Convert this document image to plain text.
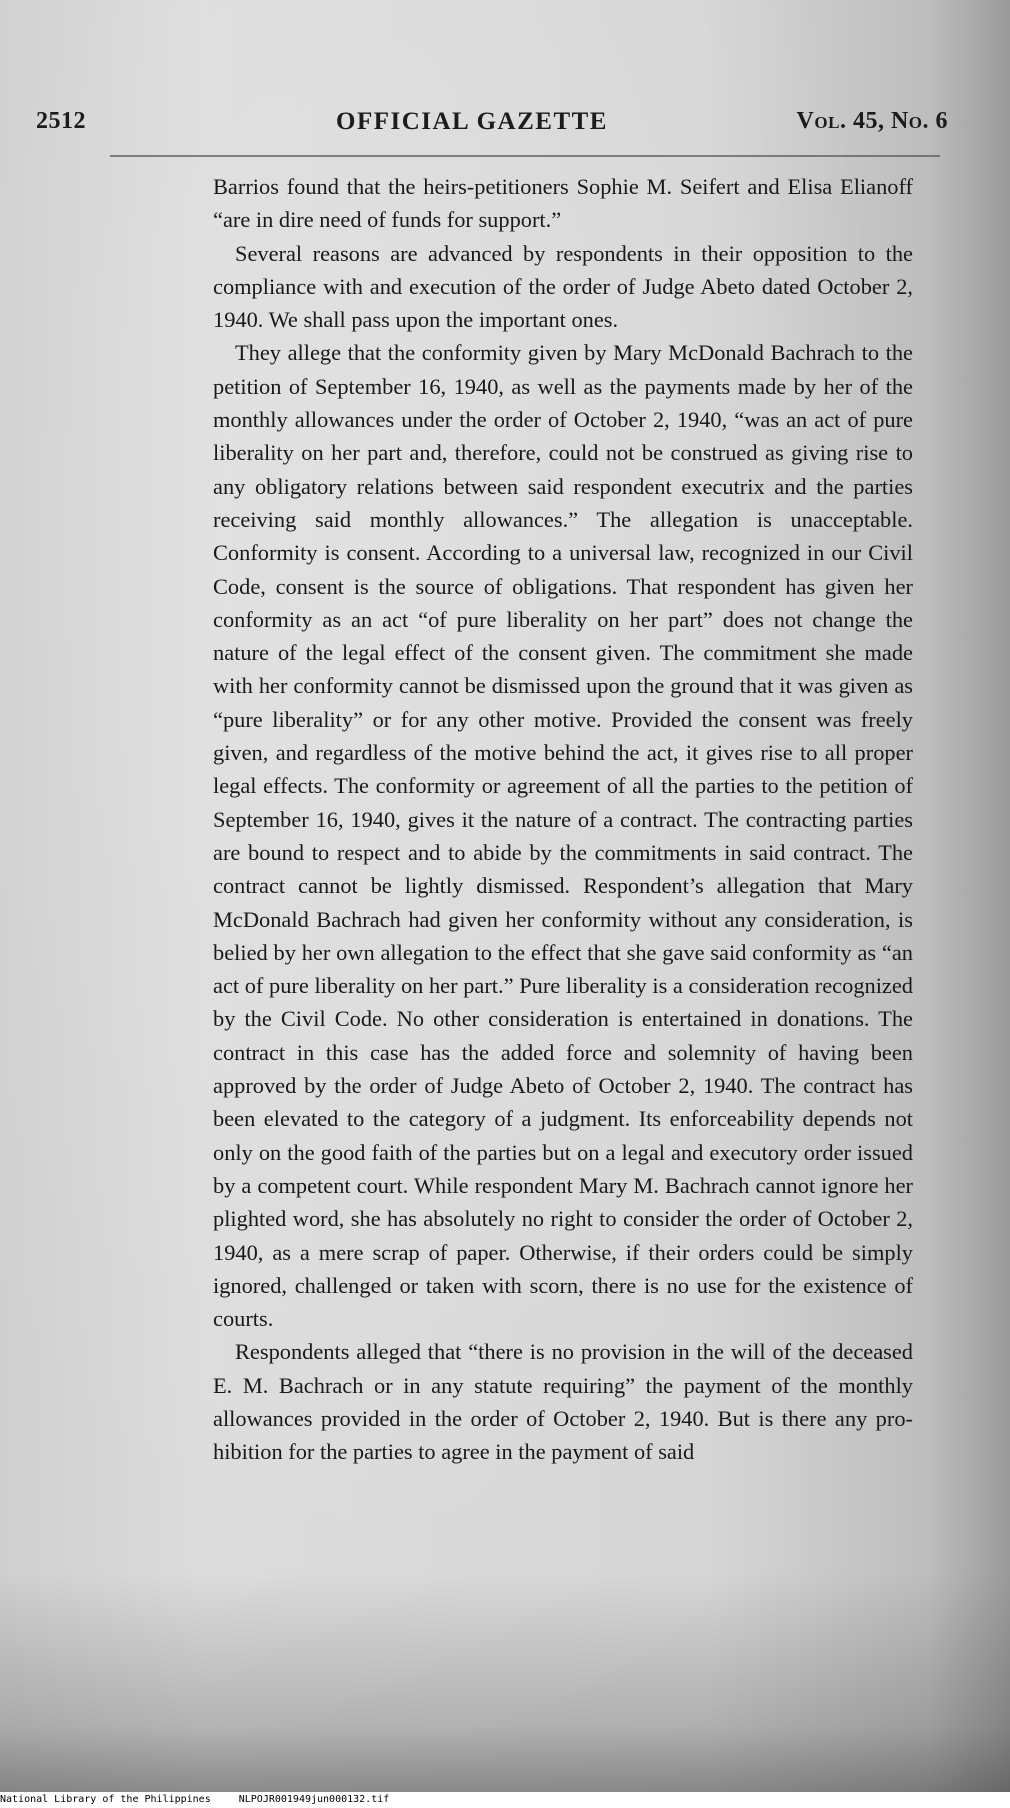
2512	OFFICIAL GAZETTE	Vol. 45, No. 6

Barrios found that the heirs-petitioners Sophie M. Seifert and Elisa Elianoff “are in dire need of funds for support.”

Several reasons are advanced by respondents in their opposition to the compliance with and execution of the order of Judge Abeto dated October 2, 1940. We shall pass upon the important ones.

They allege that the conformity given by Mary McDonald Bachrach to the petition of September 16, 1940, as well as the payments made by her of the monthly allowances under the order of October 2, 1940, “was an act of pure liberality on her part and, therefore, could not be construed as giving rise to any obligatory relations between said respondent executrix and the parties receiving said monthly allowances.” The allegation is unacceptable. Conformity is consent. According to a universal law, recognized in our Civil Code, consent is the source of obligations. That respondent has given her conformity as an act “of pure liberality on her part” does not change the nature of the legal effect of the consent given. The commitment she made with her conformity cannot be dismissed upon the ground that it was given as “pure liberality” or for any other motive. Provided the consent was freely given, and regardless of the motive behind the act, it gives rise to all proper legal effects. The conformity or agreement of all the parties to the petition of September 16, 1940, gives it the nature of a contract. The contracting parties are bound to respect and to abide by the commitments in said contract. The contract cannot be lightly dismissed. Respondent’s allegation that Mary McDonald Bachrach had given her conformity without any consideration, is belied by her own allegation to the effect that she gave said conformity as “an act of pure liberality on her part.” Pure liberality is a consideration recognized by the Civil Code. No other consideration is entertained in donations. The contract in this case has the added force and solemnity of having been approved by the order of Judge Abeto of October 2, 1940. The contract has been elevated to the category of a judgment. Its enforceability depends not only on the good faith of the parties but on a legal and executory order issued by a competent court. While respondent Mary M. Bachrach cannot ignore her plighted word, she has absolutely no right to consider the order of October 2, 1940, as a mere scrap of paper. Otherwise, if their orders could be simply ignored, challenged or taken with scorn, there is no use for the existence of courts.

Respondents alleged that “there is no provision in the will of the deceased E. M. Bachrach or in any statute requiring” the payment of the monthly allowances provided in the order of October 2, 1940. But is there any prohibition for the parties to agree in the payment of said

National Library of the Philippines	NLPOJR001949jun000132.tif
